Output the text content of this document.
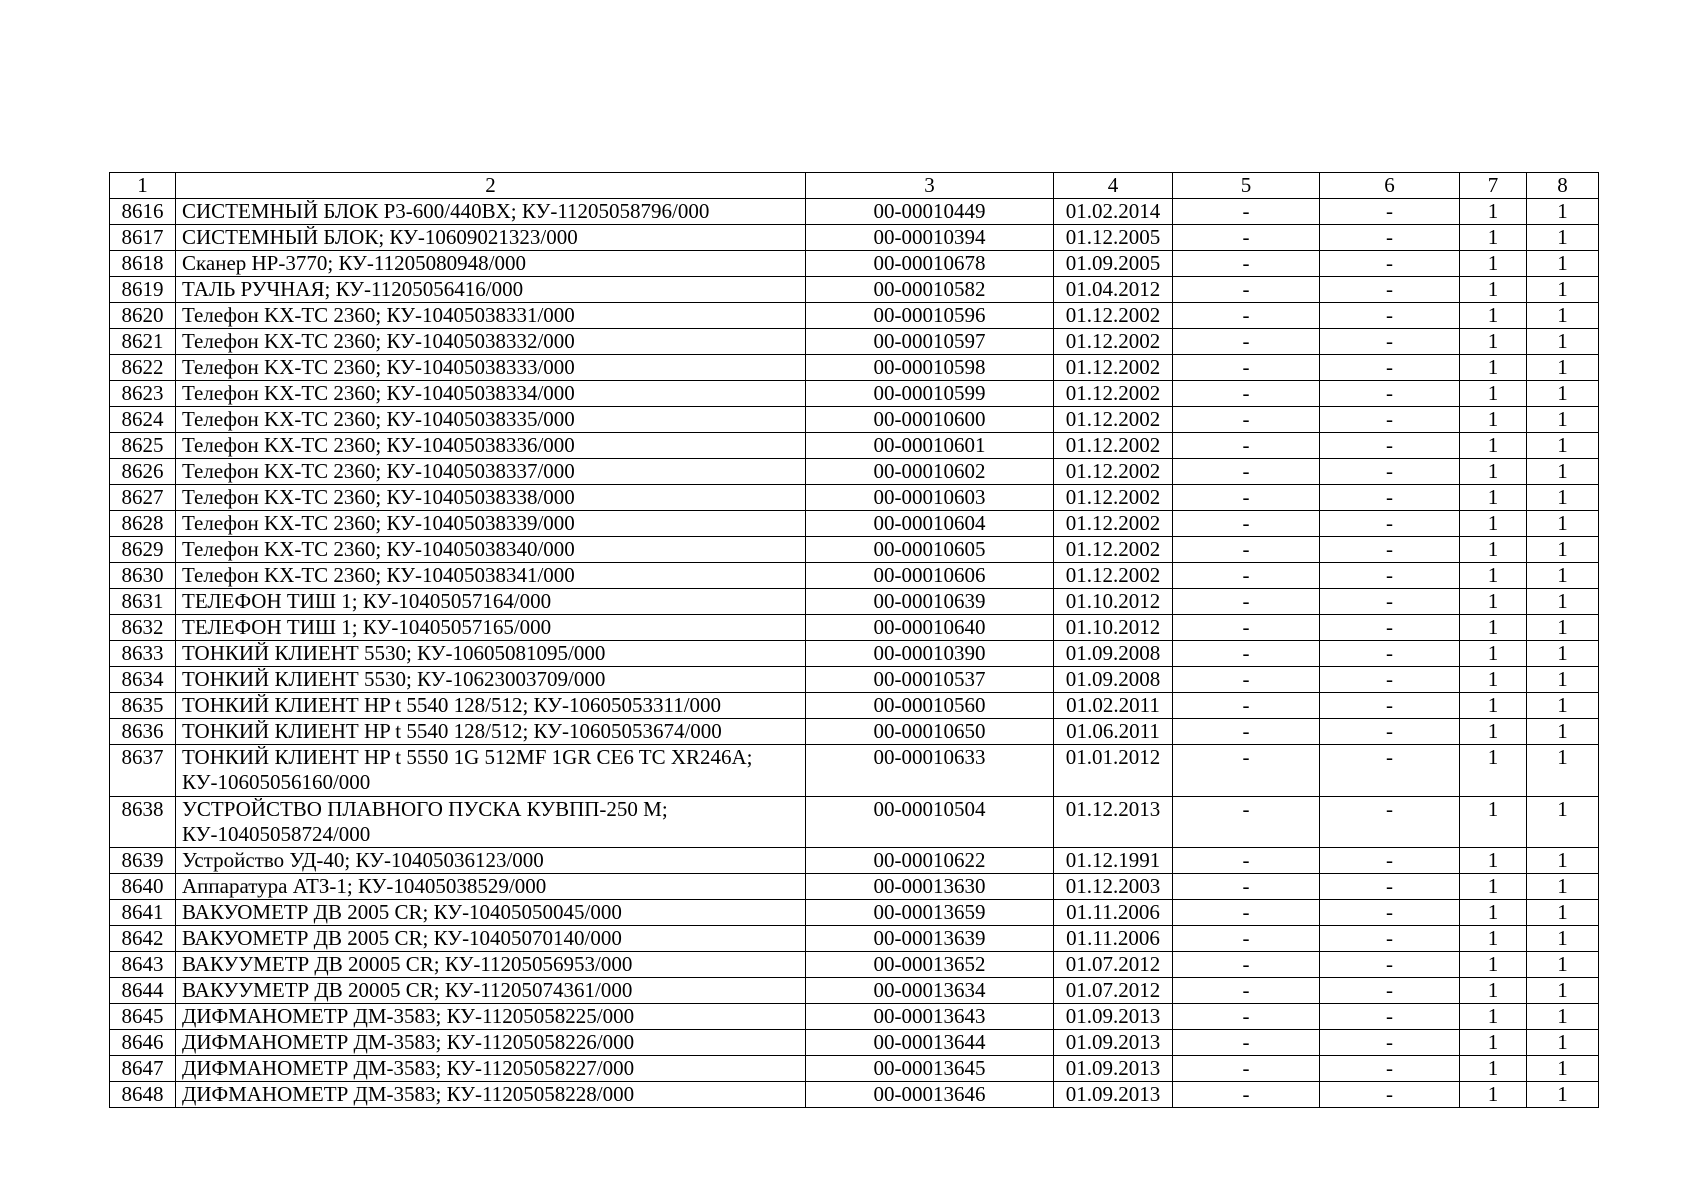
1	2	3	4	5	6	7	8
8616	СИСТЕМНЫЙ БЛОК P3-600/440BX; КУ-11205058796/000	00-00010449	01.02.2014	-	-	1	1
8617	СИСТЕМНЫЙ БЛОК; КУ-10609021323/000	00-00010394	01.12.2005	-	-	1	1
8618	Сканер HP-3770; КУ-11205080948/000	00-00010678	01.09.2005	-	-	1	1
8619	ТАЛЬ РУЧНАЯ; КУ-11205056416/000	00-00010582	01.04.2012	-	-	1	1
8620	Телефон KX-TC 2360; КУ-10405038331/000	00-00010596	01.12.2002	-	-	1	1
8621	Телефон KX-TC 2360; КУ-10405038332/000	00-00010597	01.12.2002	-	-	1	1
8622	Телефон KX-TC 2360; КУ-10405038333/000	00-00010598	01.12.2002	-	-	1	1
8623	Телефон KX-TC 2360; КУ-10405038334/000	00-00010599	01.12.2002	-	-	1	1
8624	Телефон KX-TC 2360; КУ-10405038335/000	00-00010600	01.12.2002	-	-	1	1
8625	Телефон KX-TC 2360; КУ-10405038336/000	00-00010601	01.12.2002	-	-	1	1
8626	Телефон KX-TC 2360; КУ-10405038337/000	00-00010602	01.12.2002	-	-	1	1
8627	Телефон KX-TC 2360; КУ-10405038338/000	00-00010603	01.12.2002	-	-	1	1
8628	Телефон KX-TC 2360; КУ-10405038339/000	00-00010604	01.12.2002	-	-	1	1
8629	Телефон KX-TC 2360; КУ-10405038340/000	00-00010605	01.12.2002	-	-	1	1
8630	Телефон KX-TC 2360; КУ-10405038341/000	00-00010606	01.12.2002	-	-	1	1
8631	ТЕЛЕФОН ТИШ 1; КУ-10405057164/000	00-00010639	01.10.2012	-	-	1	1
8632	ТЕЛЕФОН ТИШ 1; КУ-10405057165/000	00-00010640	01.10.2012	-	-	1	1
8633	ТОНКИЙ КЛИЕНТ 5530; КУ-10605081095/000	00-00010390	01.09.2008	-	-	1	1
8634	ТОНКИЙ КЛИЕНТ 5530; КУ-10623003709/000	00-00010537	01.09.2008	-	-	1	1
8635	ТОНКИЙ КЛИЕНТ HP t 5540 128/512; КУ-10605053311/000	00-00010560	01.02.2011	-	-	1	1
8636	ТОНКИЙ КЛИЕНТ HP t 5540 128/512; КУ-10605053674/000	00-00010650	01.06.2011	-	-	1	1
8637	ТОНКИЙ КЛИЕНТ HP t 5550 1G 512MF 1GR CE6 TC XR246A; КУ-10605056160/000	00-00010633	01.01.2012	-	-	1	1
8638	УСТРОЙСТВО ПЛАВНОГО ПУСКА КУВПП-250 М; КУ-10405058724/000	00-00010504	01.12.2013	-	-	1	1
8639	Устройство УД-40; КУ-10405036123/000	00-00010622	01.12.1991	-	-	1	1
8640	Аппаратура АТЗ-1; КУ-10405038529/000	00-00013630	01.12.2003	-	-	1	1
8641	ВАКУОМЕТР ДВ 2005 CR; КУ-10405050045/000	00-00013659	01.11.2006	-	-	1	1
8642	ВАКУОМЕТР ДВ 2005 CR; КУ-10405070140/000	00-00013639	01.11.2006	-	-	1	1
8643	ВАКУУМЕТР ДВ 20005 CR; КУ-11205056953/000	00-00013652	01.07.2012	-	-	1	1
8644	ВАКУУМЕТР ДВ 20005 CR; КУ-11205074361/000	00-00013634	01.07.2012	-	-	1	1
8645	ДИФМАНОМЕТР ДМ-3583; КУ-11205058225/000	00-00013643	01.09.2013	-	-	1	1
8646	ДИФМАНОМЕТР ДМ-3583; КУ-11205058226/000	00-00013644	01.09.2013	-	-	1	1
8647	ДИФМАНОМЕТР ДМ-3583; КУ-11205058227/000	00-00013645	01.09.2013	-	-	1	1
8648	ДИФМАНОМЕТР ДМ-3583; КУ-11205058228/000	00-00013646	01.09.2013	-	-	1	1
